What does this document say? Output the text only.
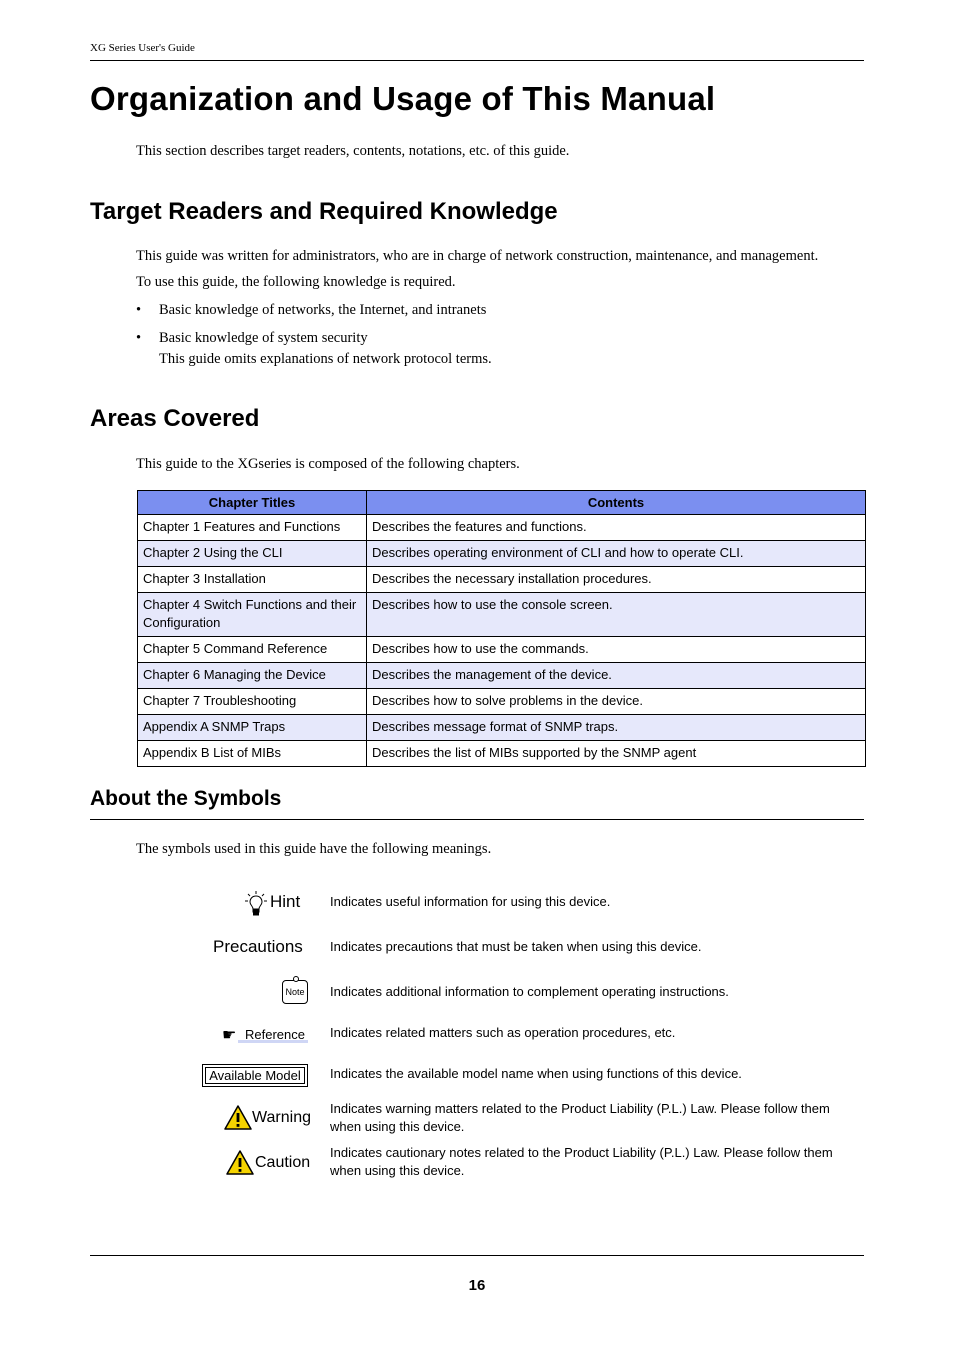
XG Series User's Guide
Organization and Usage of This Manual
This section describes target readers, contents, notations, etc. of this guide.
Target Readers and Required Knowledge
This guide was written for administrators, who are in charge of network construction, maintenance, and management.
To use this guide, the following knowledge is required.
• Basic knowledge of networks, the Internet, and intranets
• Basic knowledge of system security
This guide omits explanations of network protocol terms.
Areas Covered
This guide to the XGseries is composed of the following chapters.
Chapter Titles	Contents
Chapter 1 Features and Functions	Describes the features and functions.
Chapter 2 Using the CLI	Describes operating environment of CLI and how to operate CLI.
Chapter 3 Installation	Describes the necessary installation procedures.
Chapter 4 Switch Functions and their Configuration	Describes how to use the console screen.
Chapter 5 Command Reference	Describes how to use the commands.
Chapter 6 Managing the Device	Describes the management of the device.
Chapter 7 Troubleshooting	Describes how to solve problems in the device.
Appendix A SNMP Traps	Describes message format of SNMP traps.
Appendix B List of MIBs	Describes the list of MIBs supported by the SNMP agent
About the Symbols
The symbols used in this guide have the following meanings.
Hint Indicates useful information for using this device.
Precautions Indicates precautions that must be taken when using this device.
Note Indicates additional information to complement operating instructions.
☛ Reference Indicates related matters such as operation procedures, etc.
Available Model	Indicates the available model name when using functions of this device.
Warning
Indicates warning matters related to the Product Liability (P.L.) Law. Please follow them when using this device.
Caution
Indicates cautionary notes related to the Product Liability (P.L.) Law. Please follow them when using this device.
16
